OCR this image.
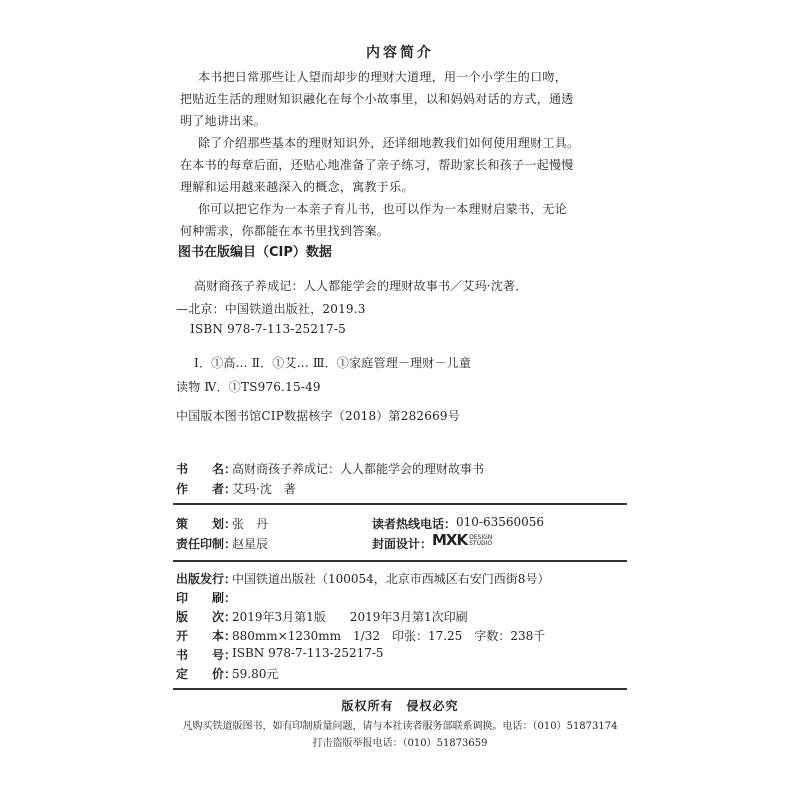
内容简介
本书把日常那些让人望而却步的理财大道理，用一个小学生的口吻，
把贴近生活的理财知识融化在每个小故事里，以和妈妈对话的方式，通透
明了地讲出来。
除了介绍那些基本的理财知识外，还详细地教我们如何使用理财工具。
在本书的每章后面，还贴心地准备了亲子练习，帮助家长和孩子一起慢慢
理解和运用越来越深入的概念，寓教于乐。
你可以把它作为一本亲子育儿书，也可以作为一本理财启蒙书，无论
何种需求，你都能在本书里找到答案。
图书在版编目（CIP）数据
高财商孩子养成记：人人都能学会的理财故事书／艾玛·沈著．
—北京：中国铁道出版社，2019.3
ISBN 978-7-113-25217-5
Ⅰ．①高… Ⅱ．①艾… Ⅲ．①家庭管理－理财－儿童
读物 Ⅳ．①TS976.15-49
中国版本图书馆CIP数据核字（2018）第282669号
书　　名：
高财商孩子养成记：人人都能学会的理财故事书
作　　者：
艾玛·沈　著
策　　划：
张　丹	读者热线电话： 010-63560056
责任印制：
赵星辰	封面设计： MXK DESIGN
STUDIO
出版发行：
中国铁道出版社（100054，北京市西城区右安门西街8号）
印　　刷：
版　　次：
2019年3月第1版　　2019年3月第1次印刷
开　　本：
880mm×1230mm　1/32　印张：17.25　字数：238千
书　　号：
ISBN 978-7-113-25217-5
定　　价：
59.80元
版权所有　侵权必究
凡购买铁道版图书，如有印制质量问题，请与本社读者服务部联系调换。电话：（010）51873174
打击盗版举报电话：（010）51873659
